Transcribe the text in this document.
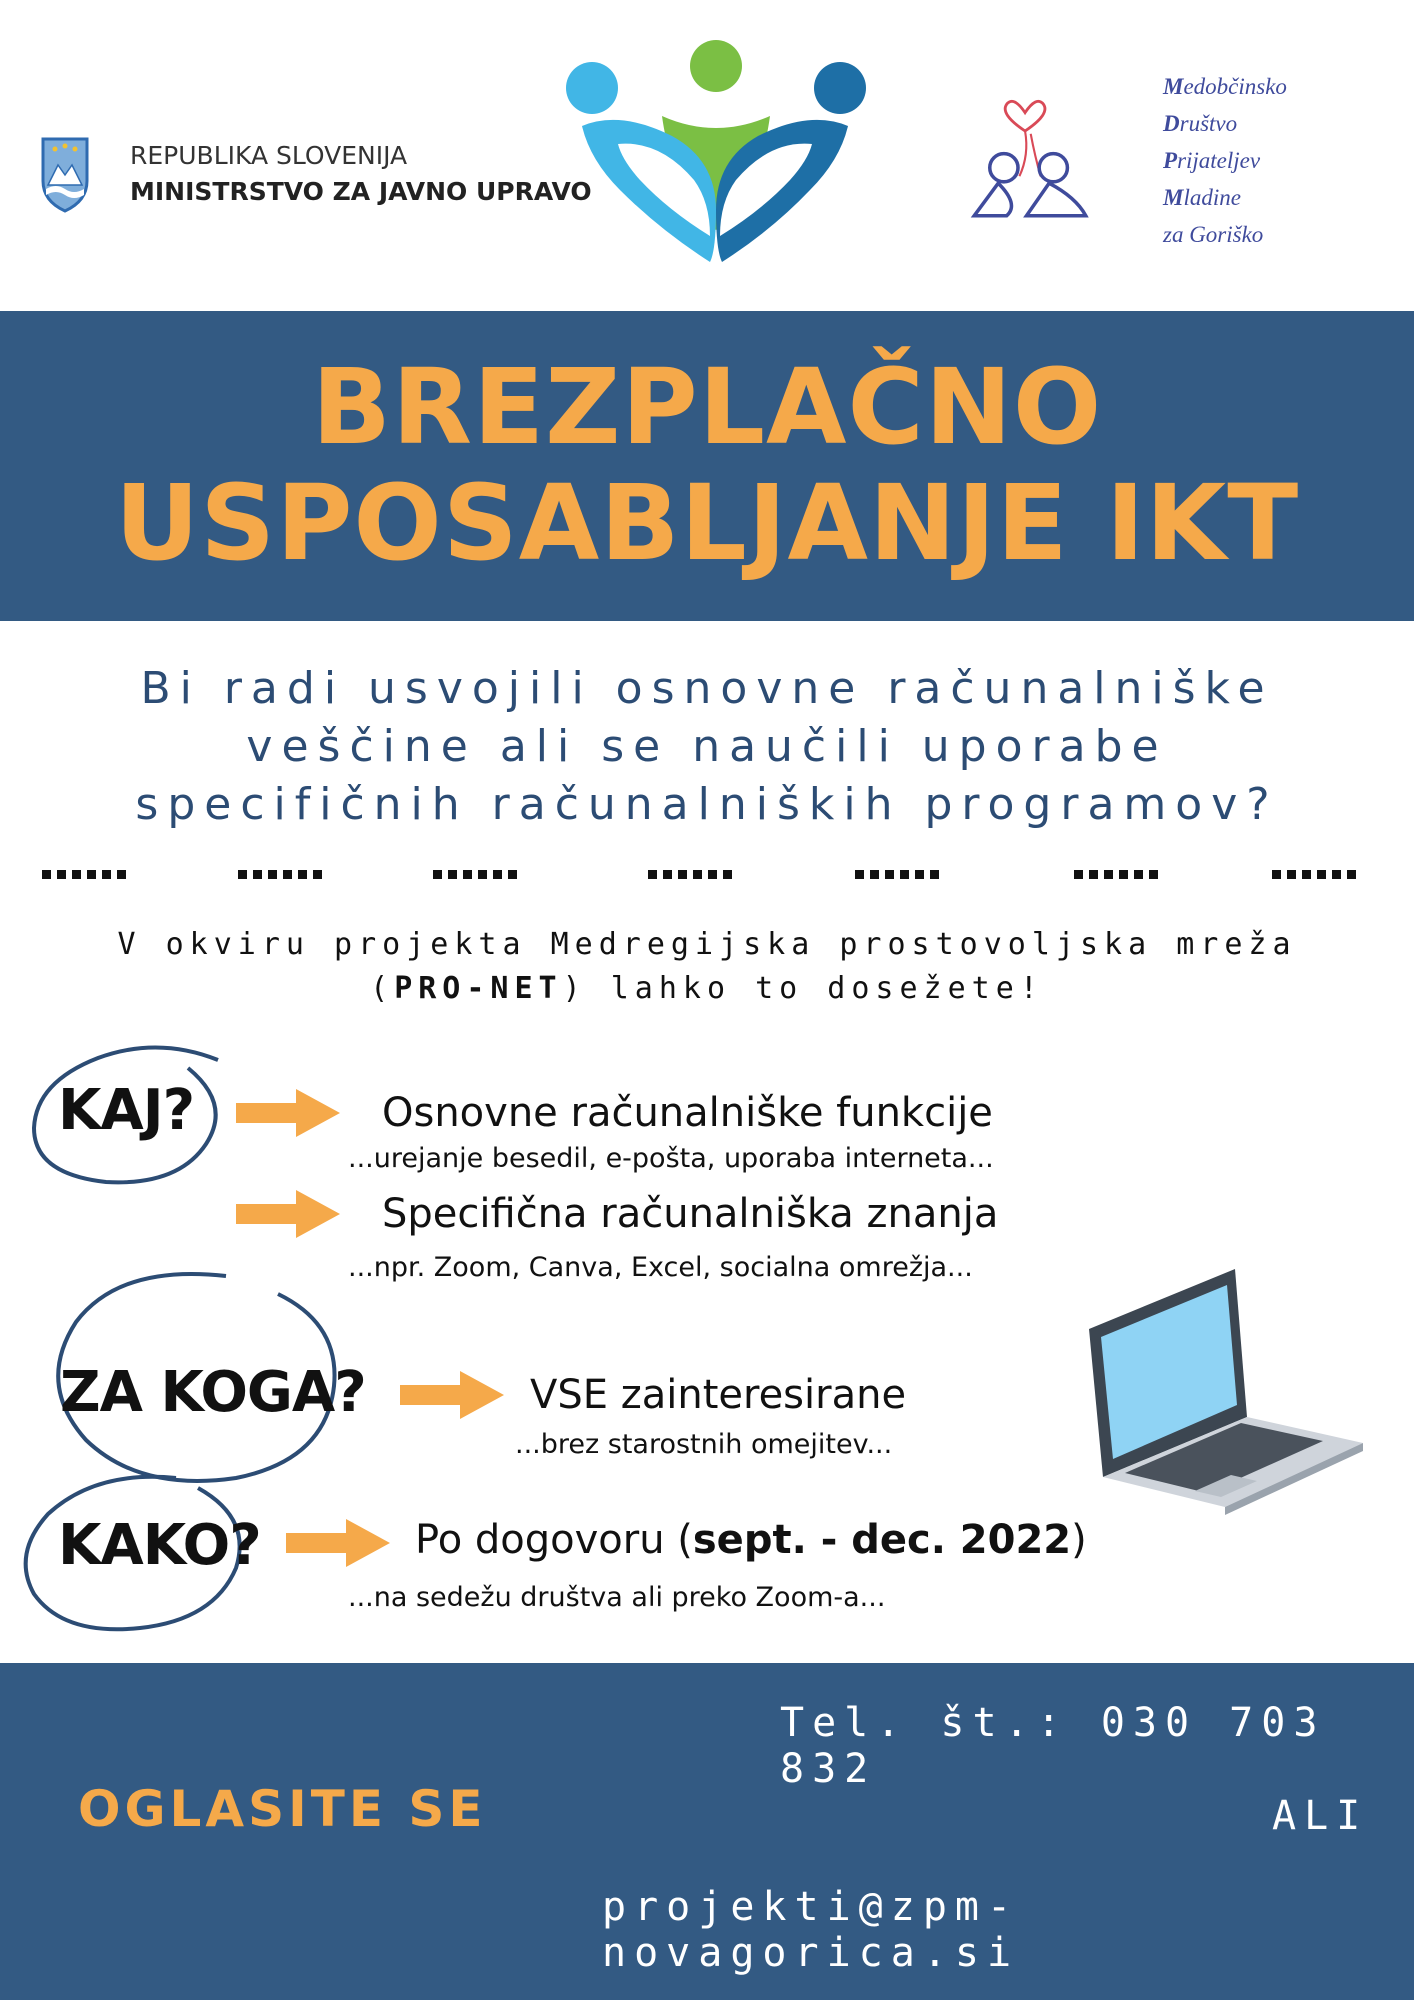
REPUBLIKA SLOVENIJA
MINISTRSTVO ZA JAVNO UPRAVO
Medobčinsko
Društvo
Prijateljev
Mladine
za Goriško
BREZPLAČNO
USPOSABLJANJE IKT
Bi radi usvojili osnovne računalniške
veščine ali se naučili uporabe
specifičnih računalniških programov?
V okviru projekta Medregijska prostovoljska mreža
(PRO-NET) lahko to dosežete!
KAJ?	Osnovne računalniške funkcije
...urejanje besedil, e-pošta, uporaba interneta...
Specifična računalniška znanja
...npr. Zoom, Canva, Excel, socialna omrežja...
ZA KOGA?	VSE zainteresirane
...brez starostnih omejitev...
KAKO?	Po dogovoru (sept. - dec. 2022)
...na sedežu društva ali preko Zoom-a...
OGLASITE SE
Tel. št.: 030 703 832
ALI
projekti@zpm-novagorica.si
